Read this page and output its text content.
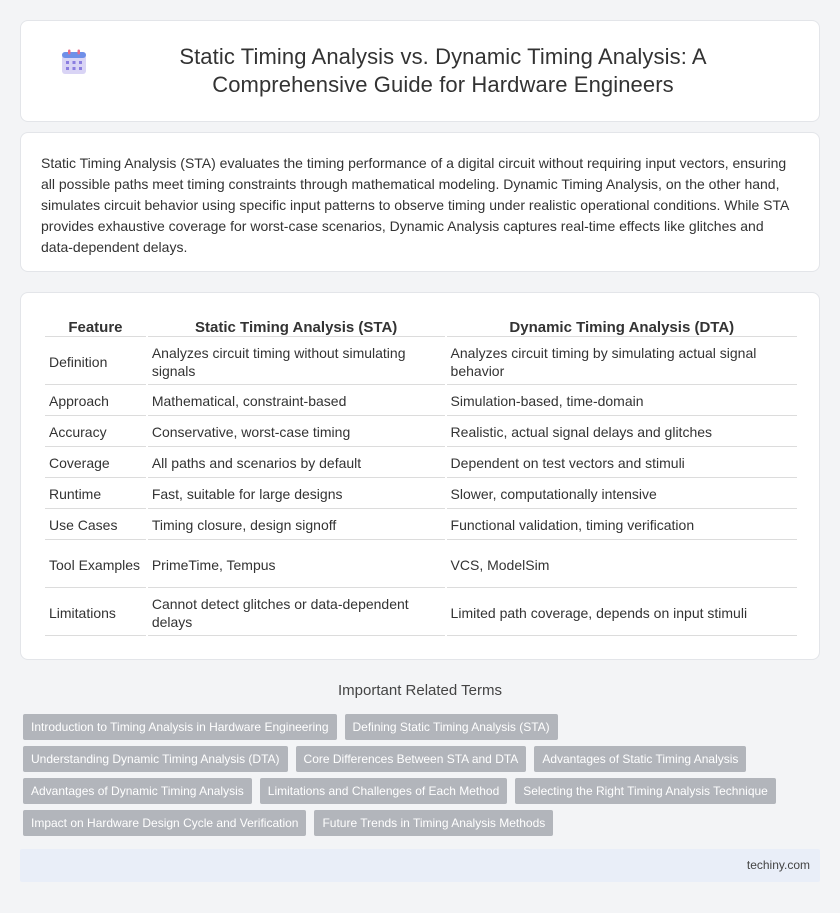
Static Timing Analysis vs. Dynamic Timing Analysis: A Comprehensive Guide for Hardware Engineers

Static Timing Analysis (STA) evaluates the timing performance of a digital circuit without requiring input vectors, ensuring all possible paths meet timing constraints through mathematical modeling. Dynamic Timing Analysis, on the other hand, simulates circuit behavior using specific input patterns to observe timing under realistic operational conditions. While STA provides exhaustive coverage for worst-case scenarios, Dynamic Analysis captures real-time effects like glitches and data-dependent delays.

Feature	Static Timing Analysis (STA)	Dynamic Timing Analysis (DTA)
Definition	Analyzes circuit timing without simulating signals	Analyzes circuit timing by simulating actual signal behavior
Approach	Mathematical, constraint-based	Simulation-based, time-domain
Accuracy	Conservative, worst-case timing	Realistic, actual signal delays and glitches
Coverage	All paths and scenarios by default	Dependent on test vectors and stimuli
Runtime	Fast, suitable for large designs	Slower, computationally intensive
Use Cases	Timing closure, design signoff	Functional validation, timing verification
Tool Examples	PrimeTime, Tempus	VCS, ModelSim
Limitations	Cannot detect glitches or data-dependent delays	Limited path coverage, depends on input stimuli
Important Related Terms
Introduction to Timing Analysis in Hardware Engineering	Defining Static Timing Analysis (STA)
Understanding Dynamic Timing Analysis (DTA)	Core Differences Between STA and DTA	Advantages of Static Timing Analysis
Advantages of Dynamic Timing Analysis	Limitations and Challenges of Each Method	Selecting the Right Timing Analysis Technique
Impact on Hardware Design Cycle and Verification	Future Trends in Timing Analysis Methods
techiny.com
